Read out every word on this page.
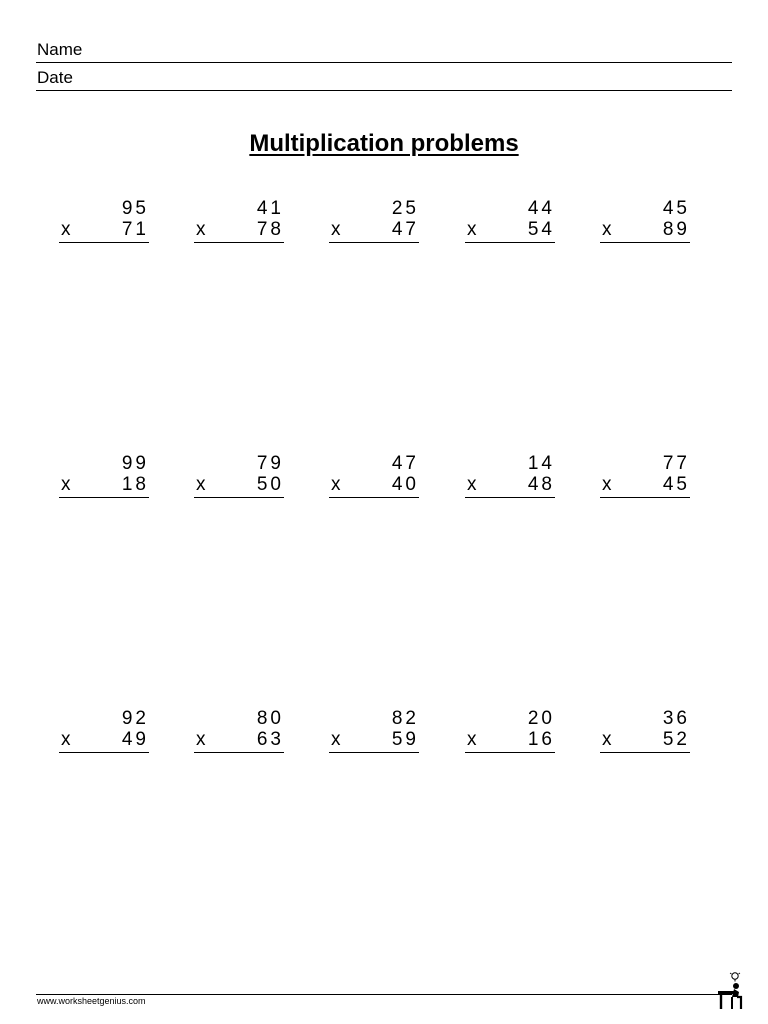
Name
Date
Multiplication problems
95
x	71
41
x	78
25
x	47
44
x	54
45
x	89
99
x	18
79
x	50
47
x	40
14
x	48
77
x	45
92
x	49
80
x	63
82
x	59
20
x	16
36
x	52
www.worksheetgenius.com
